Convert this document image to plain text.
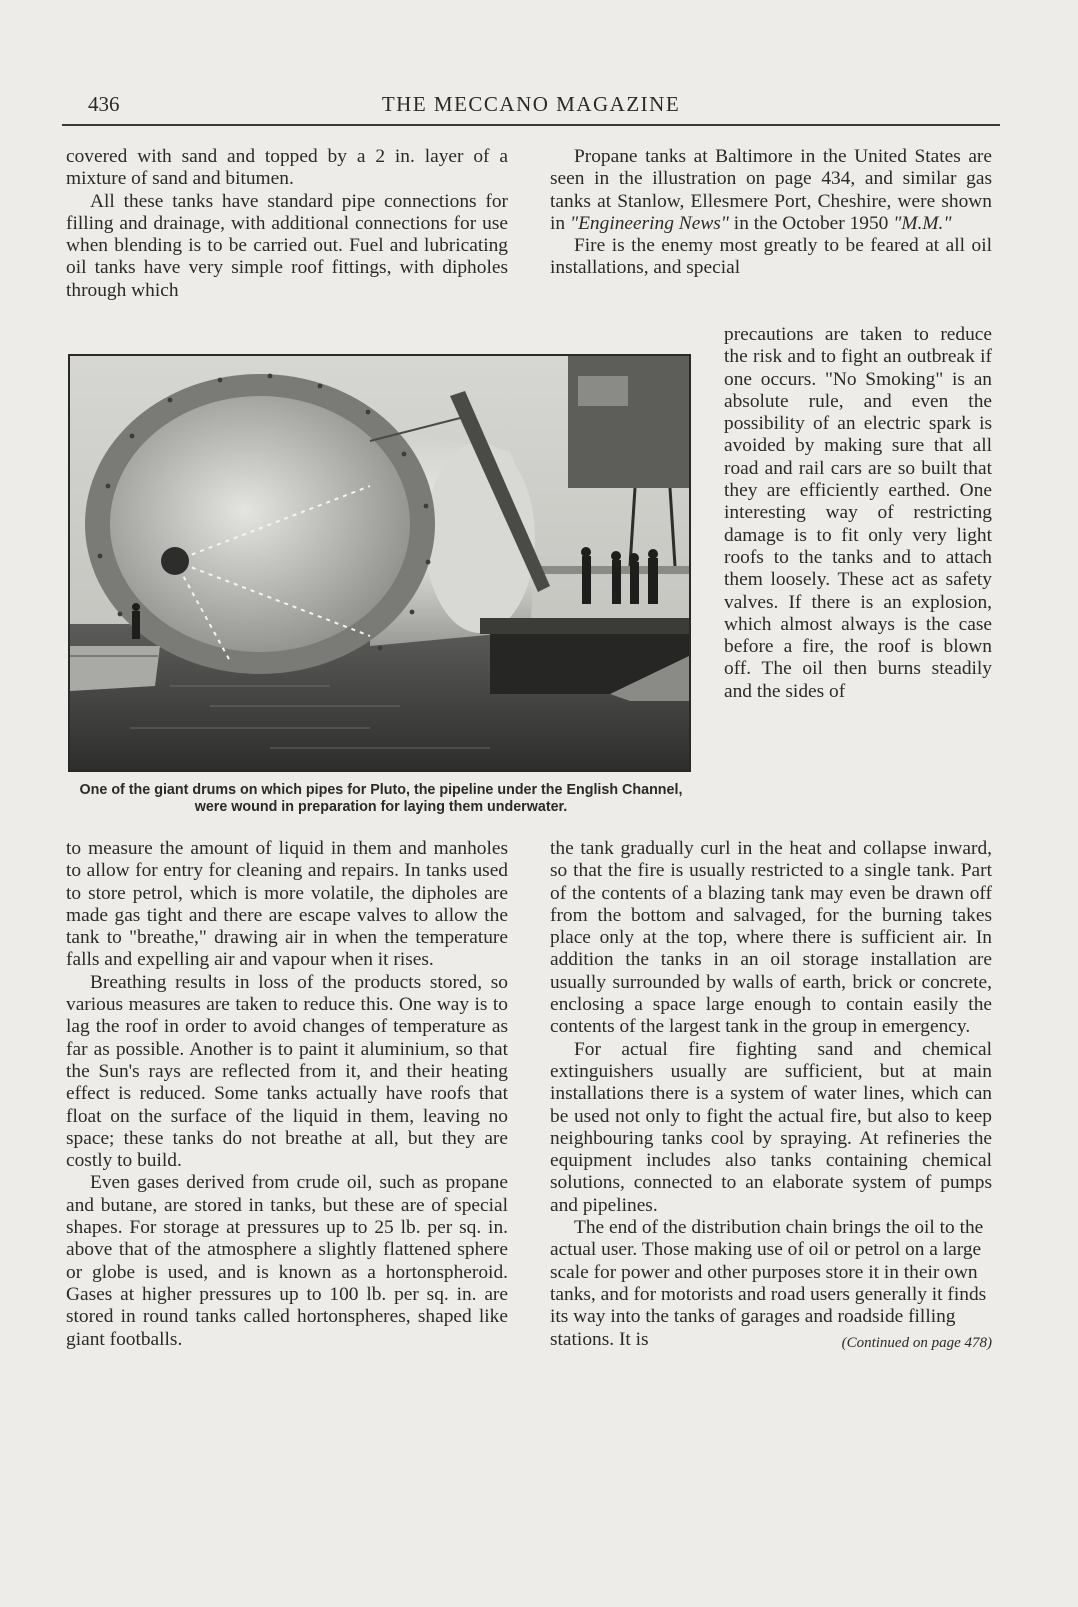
436	THE MECCANO MAGAZINE

covered with sand and topped by a 2 in. layer of a mixture of sand and bitumen.

All these tanks have standard pipe connections for filling and drainage, with additional connections for use when blending is to be carried out. Fuel and lubricating oil tanks have very simple roof fittings, with dipholes through which

Propane tanks at Baltimore in the United States are seen in the illustration on page 434, and similar gas tanks at Stanlow, Ellesmere Port, Cheshire, were shown in "Engineering News" in the October 1950 "M.M."

Fire is the enemy most greatly to be feared at all oil installations, and special

precautions are taken to reduce the risk and to fight an outbreak if one occurs. "No Smoking" is an absolute rule, and even the possibility of an electric spark is avoided by making sure that all road and rail cars are so built that they are efficiently earthed. One interesting way of restricting damage is to fit only very light roofs to the tanks and to attach them loosely. These act as safety valves. If there is an explosion, which almost always is the case before a fire, the roof is blown off. The oil then burns steadily and the sides of

One of the giant drums on which pipes for Pluto, the pipeline under the English Channel, were wound in preparation for laying them underwater.

to measure the amount of liquid in them and manholes to allow for entry for cleaning and repairs. In tanks used to store petrol, which is more volatile, the dipholes are made gas tight and there are escape valves to allow the tank to "breathe," drawing air in when the temperature falls and expelling air and vapour when it rises.

Breathing results in loss of the products stored, so various measures are taken to reduce this. One way is to lag the roof in order to avoid changes of temperature as far as possible. Another is to paint it aluminium, so that the Sun's rays are reflected from it, and their heating effect is reduced. Some tanks actually have roofs that float on the surface of the liquid in them, leaving no space; these tanks do not breathe at all, but they are costly to build.

Even gases derived from crude oil, such as propane and butane, are stored in tanks, but these are of special shapes. For storage at pressures up to 25 lb. per sq. in. above that of the atmosphere a slightly flattened sphere or globe is used, and is known as a hortonspheroid. Gases at higher pressures up to 100 lb. per sq. in. are stored in round tanks called hortonspheres, shaped like giant footballs.

the tank gradually curl in the heat and collapse inward, so that the fire is usually restricted to a single tank. Part of the contents of a blazing tank may even be drawn off from the bottom and salvaged, for the burning takes place only at the top, where there is sufficient air. In addition the tanks in an oil storage installation are usually surrounded by walls of earth, brick or concrete, enclosing a space large enough to contain easily the contents of the largest tank in the group in emergency.

For actual fire fighting sand and chemical extinguishers usually are sufficient, but at main installations there is a system of water lines, which can be used not only to fight the actual fire, but also to keep neighbouring tanks cool by spraying. At refineries the equipment includes also tanks containing chemical solutions, connected to an elaborate system of pumps and pipelines.

The end of the distribution chain brings the oil to the actual user. Those making use of oil or petrol on a large scale for power and other purposes store it in their own tanks, and for motorists and road users generally it finds its way into the tanks of garages and roadside filling stations. It is	(Continued on page 478)
